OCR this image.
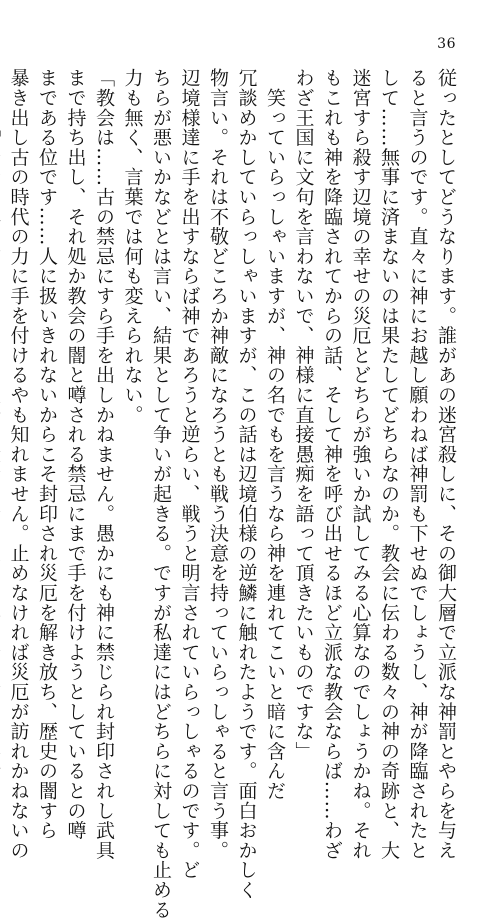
36
従ったとしてどうなります。誰があの迷宮殺しに、その御大層で立派な神罰とやらを与え
ると言うのです。直々に神にお越し願わねば神罰も下せぬでしょうし、神が降臨されたと
して……無事に済まないのは果たしてどちらなのか。教会に伝わる数々の神の奇跡と、大
迷宮すら殺す辺境の幸せの災厄とどちらが強いか試してみる心算なのでしょうかね。それ
もこれも神を降臨されてからの話、そして神を呼び出せるほど立派な教会ならば……わざ
わざ王国に文句を言わないで、神様に直接愚痴を語って頂きたいものですな」
　笑っていらっしゃいますが、神の名でもを言うなら神を連れてこいと暗に含んだ
冗談めかしていらっしゃいますが、この話は辺境伯様の逆鱗に触れたようです。面白おかしく
物言い。それは不敬どころか神敵になろうとも戦う決意を持っていらっしゃると言う事。
辺境様達に手を出すならば神であろうと逆らい、戦うと明言されていらっしゃるのです。ど
ちらが悪いかなどとは言い、結果として争いが起きる。ですが私達にはどちらに対しても止める
力も無く、言葉では何も変えられない。
「教会は……古の禁忌にすら手を出しかねません。愚かにも神に禁じられ封印されし武具
まで持ち出し、それ処か教会の闇と噂される禁忌にまで手を付けようとしているとの噂
まである位です……人に扱いきれないからこそ封印され災厄を解き放ち、歴史の闇すら
暴き出し古の時代の力に手を付けるやも知れません。止めなければ災厄が訪れかねないの
